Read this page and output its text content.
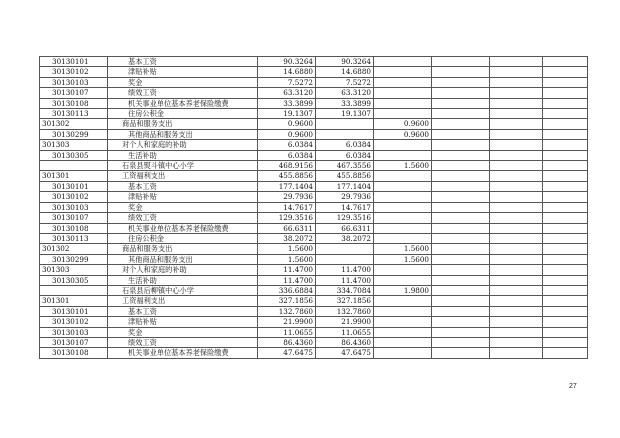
30130101	基本工资	90.3264	90.3264				
30130102	津贴补贴	14.6880	14.6880				
30130103	奖金	7.5272	7.5272				
30130107	绩效工资	63.3120	63.3120				
30130108	机关事业单位基本养老保险缴费	33.3899	33.3899				
30130113	住房公积金	19.1307	19.1307				
301302	商品和服务支出	0.9600		0.9600			
30130299	其他商品和服务支出	0.9600		0.9600			
301303	对个人和家庭的补助	6.0384	6.0384				
30130305	生活补助	6.0384	6.0384				
	石泉县熨斗镇中心小学	468.9156	467.3556	1.5600			
301301	工资福利支出	455.8856	455.8856				
30130101	基本工资	177.1404	177.1404				
30130102	津贴补贴	29.7936	29.7936				
30130103	奖金	14.7617	14.7617				
30130107	绩效工资	129.3516	129.3516				
30130108	机关事业单位基本养老保险缴费	66.6311	66.6311				
30130113	住房公积金	38.2072	38.2072				
301302	商品和服务支出	1.5600		1.5600			
30130299	其他商品和服务支出	1.5600		1.5600			
301303	对个人和家庭的补助	11.4700	11.4700				
30130305	生活补助	11.4700	11.4700				
	石泉县后柳镇中心小学	336.6884	334.7084	1.9800			
301301	工资福利支出	327.1856	327.1856				
30130101	基本工资	132.7860	132.7860				
30130102	津贴补贴	21.9900	21.9900				
30130103	奖金	11.0655	11.0655				
30130107	绩效工资	86.4360	86.4360				
30130108	机关事业单位基本养老保险缴费	47.6475	47.6475				
27
